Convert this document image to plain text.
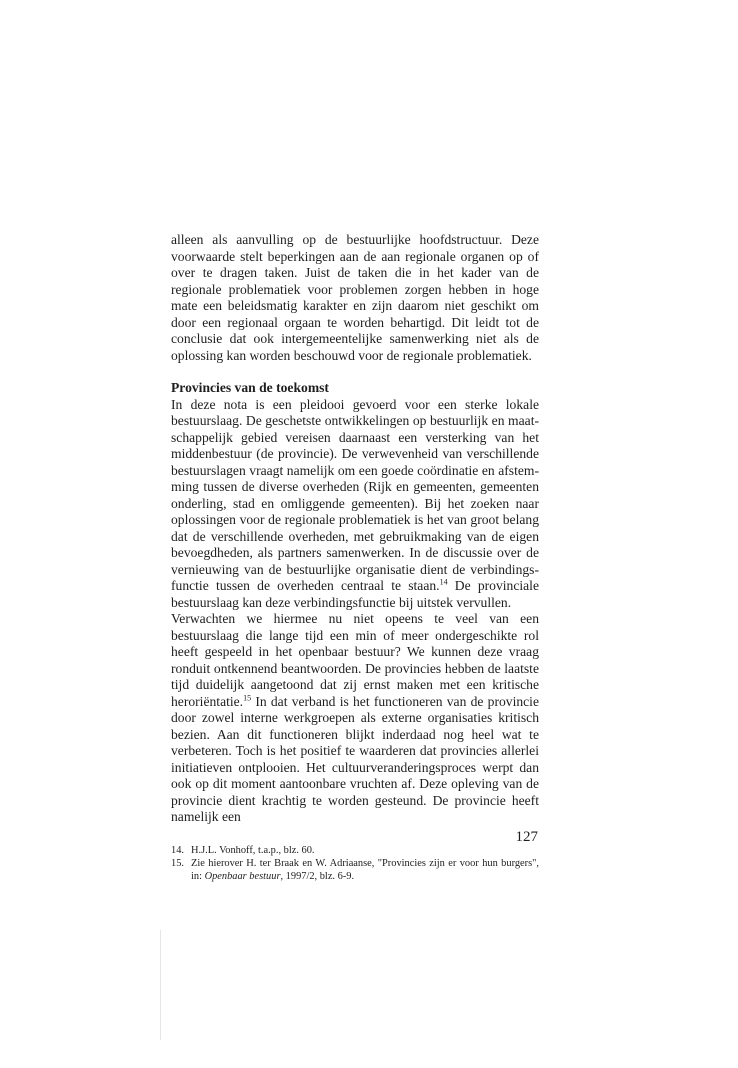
alleen als aanvulling op de bestuurlijke hoofdstructuur. Deze voorwaarde stelt beperkingen aan de aan regionale organen op of over te dragen taken. Juist de taken die in het kader van de regionale problematiek voor problemen zorgen hebben in hoge mate een beleidsmatig karakter en zijn daarom niet geschikt om door een regionaal orgaan te worden behartigd. Dit leidt tot de conclusie dat ook intergemeentelijke samenwerking niet als de oplossing kan worden beschouwd voor de regionale problematiek.

Provincies van de toekomst

In deze nota is een pleidooi gevoerd voor een sterke lokale bestuurslaag. De geschetste ontwikkelingen op bestuurlijk en maatschappelijk gebied vereisen daarnaast een versterking van het middenbestuur (de provincie). De verwevenheid van verschillende bestuurslagen vraagt namelijk om een goede coördinatie en afstemming tussen de diverse overheden (Rijk en gemeenten, gemeenten onderling, stad en omliggende gemeenten). Bij het zoeken naar oplossingen voor de regionale problematiek is het van groot belang dat de verschillende overheden, met gebruikmaking van de eigen bevoegdheden, als partners samenwerken. In de discussie over de vernieuwing van de bestuurlijke organisatie dient de verbindingsfunctie tussen de overheden centraal te staan.$^{14}$ De provinciale bestuurslaag kan deze verbindingsfunctie bij uitstek vervullen.

Verwachten we hiermee nu niet opeens te veel van een bestuurslaag die lange tijd een min of meer ondergeschikte rol heeft gespeeld in het openbaar bestuur? We kunnen deze vraag ronduit ontkennend beantwoorden. De provincies hebben de laatste tijd duidelijk aangetoond dat zij ernst maken met een kritische heroriëntatie.$^{15}$ In dat verband is het functioneren van de provincie door zowel interne werkgroepen als externe organisaties kritisch bezien. Aan dit functioneren blijkt inderdaad nog heel wat te verbeteren. Toch is het positief te waarderen dat provincies allerlei initiatieven ontplooien. Het cultuurveranderingsproces werpt dan ook op dit moment aantoonbare vruchten af. Deze opleving van de provincie dient krachtig te worden gesteund. De provincie heeft namelijk een

14. H.J.L. Vonhoff, t.a.p., blz. 60.

15. Zie hierover H. ter Braak en W. Adriaanse, "Provincies zijn er voor hun burgers", in: Openbaar bestuur, 1997/2, blz. 6-9.

127
